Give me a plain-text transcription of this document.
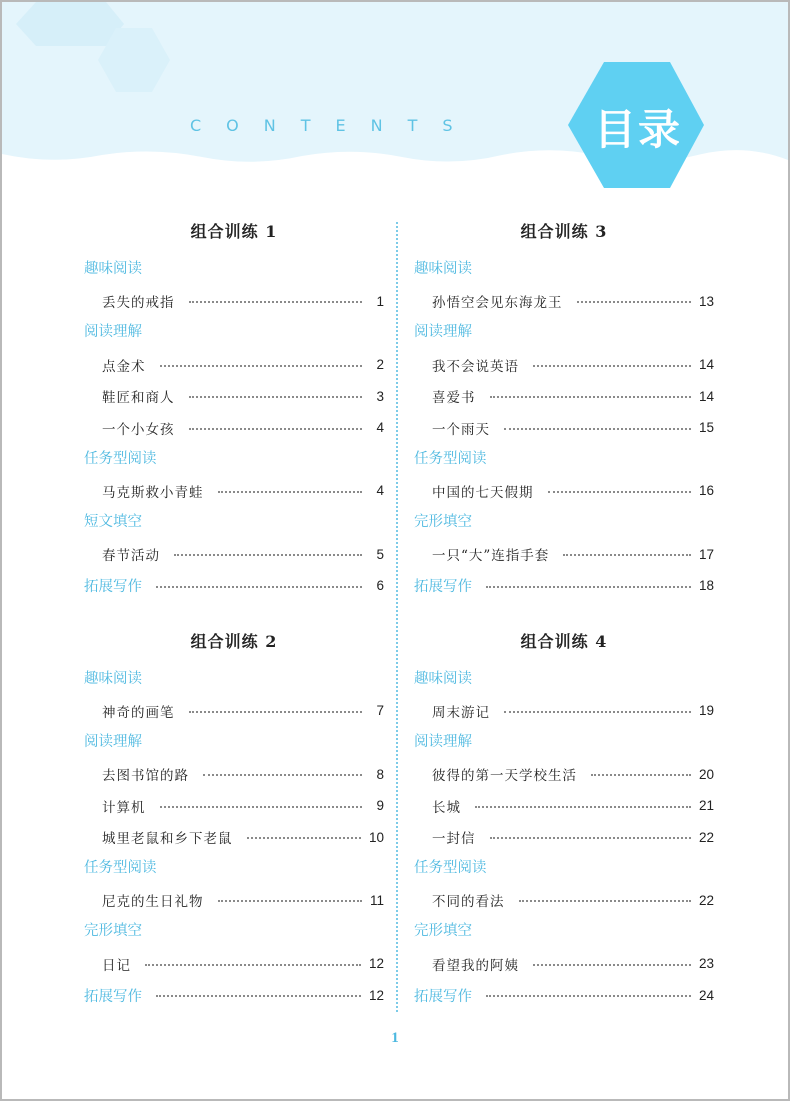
CONTENTS	目录
组合训练 1
趣味阅读
丢失的戒指	1
阅读理解
点金术	2
鞋匠和商人	3
一个小女孩	4
任务型阅读
马克斯救小青蛙	4
短文填空
春节活动	5
拓展写作	6
组合训练 2
趣味阅读
神奇的画笔	7
阅读理解
去图书馆的路	8
计算机	9
城里老鼠和乡下老鼠	10
任务型阅读
尼克的生日礼物	11
完形填空
日记	12
拓展写作	12
组合训练 3
趣味阅读
孙悟空会见东海龙王	13
阅读理解
我不会说英语	14
喜爱书	14
一个雨天	15
任务型阅读
中国的七天假期	16
完形填空
一只“大”连指手套	17
拓展写作	18
组合训练 4
趣味阅读
周末游记	19
阅读理解
彼得的第一天学校生活	20
长城	21
一封信	22
任务型阅读
不同的看法	22
完形填空
看望我的阿姨	23
拓展写作	24
1
